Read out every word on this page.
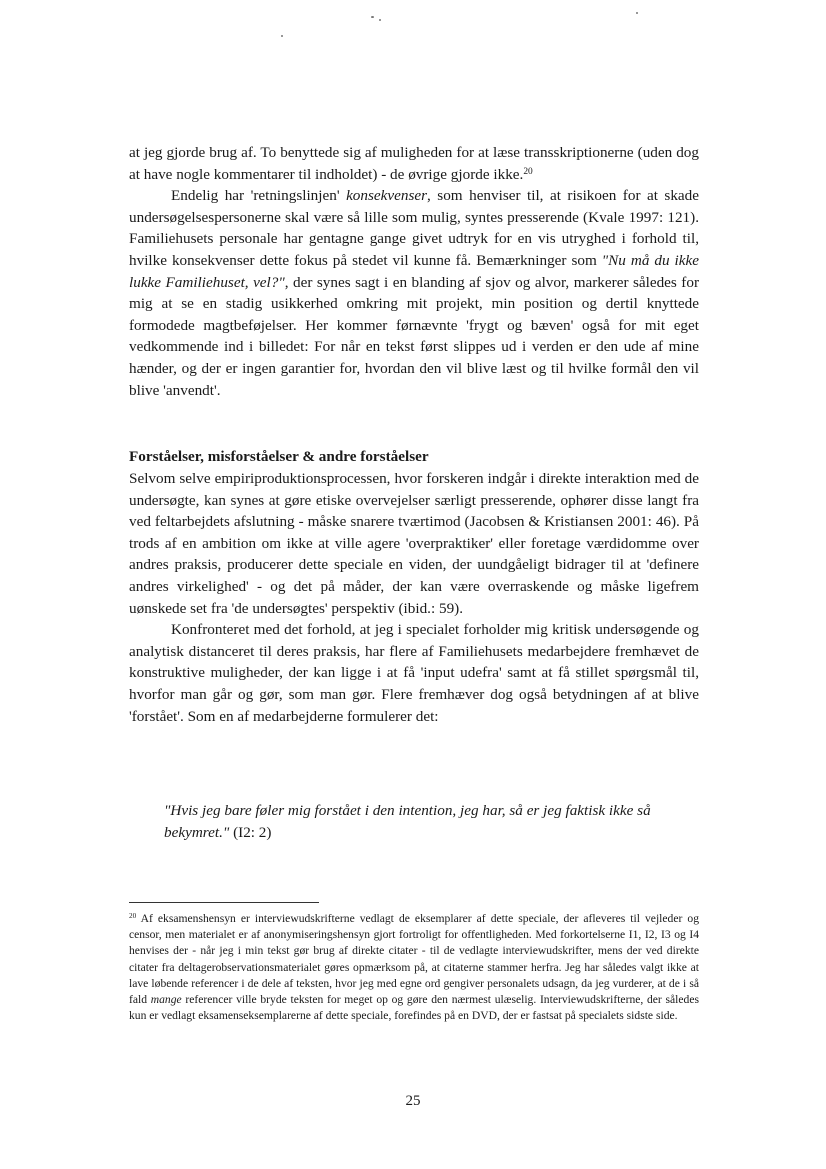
at jeg gjorde brug af. To benyttede sig af muligheden for at læse transskriptionerne (uden dog at have nogle kommentarer til indholdet) - de øvrige gjorde ikke.$^{20}$

Endelig har 'retningslinjen' konsekvenser, som henviser til, at risikoen for at skade undersøgelsespersonerne skal være så lille som mulig, syntes presserende (Kvale 1997: 121). Familiehusets personale har gentagne gange givet udtryk for en vis utryghed i forhold til, hvilke konsekvenser dette fokus på stedet vil kunne få. Bemærkninger som "Nu må du ikke lukke Familiehuset, vel?", der synes sagt i en blanding af sjov og alvor, markerer således for mig at se en stadig usikkerhed omkring mit projekt, min position og dertil knyttede formodede magtbeføjelser. Her kommer førnævnte 'frygt og bæven' også for mit eget vedkommende ind i billedet: For når en tekst først slippes ud i verden er den ude af mine hænder, og der er ingen garantier for, hvordan den vil blive læst og til hvilke formål den vil blive 'anvendt'.

Forståelser, misforståelser & andre forståelser

Selvom selve empiriproduktionsprocessen, hvor forskeren indgår i direkte interaktion med de undersøgte, kan synes at gøre etiske overvejelser særligt presserende, ophører disse langt fra ved feltarbejdets afslutning - måske snarere tværtimod (Jacobsen & Kristiansen 2001: 46). På trods af en ambition om ikke at ville agere 'overpraktiker' eller foretage værdidomme over andres praksis, producerer dette speciale en viden, der uundgåeligt bidrager til at 'definere andres virkelighed' - og det på måder, der kan være overraskende og måske ligefrem uønskede set fra 'de undersøgtes' perspektiv (ibid.: 59).

Konfronteret med det forhold, at jeg i specialet forholder mig kritisk undersøgende og analytisk distanceret til deres praksis, har flere af Familiehusets medarbejdere fremhævet de konstruktive muligheder, der kan ligge i at få 'input udefra' samt at få stillet spørgsmål til, hvorfor man går og gør, som man gør. Flere fremhæver dog også betydningen af at blive 'forstået'. Som en af medarbejderne formulerer det:

"Hvis jeg bare føler mig forstået i den intention, jeg har, så er jeg faktisk ikke så bekymret." (I2: 2)
$^{20}$ Af eksamenshensyn er interviewudskrifterne vedlagt de eksemplarer af dette speciale, der afleveres til vejleder og censor, men materialet er af anonymiseringshensyn gjort fortroligt for offentligheden. Med forkortelserne I1, I2, I3 og I4 henvises der - når jeg i min tekst gør brug af direkte citater - til de vedlagte interviewudskrifter, mens der ved direkte citater fra deltagerobservationsmaterialet gøres opmærksom på, at citaterne stammer herfra. Jeg har således valgt ikke at lave løbende referencer i de dele af teksten, hvor jeg med egne ord gengiver personalets udsagn, da jeg vurderer, at de i så fald mange referencer ville bryde teksten for meget op og gøre den nærmest ulæselig. Interviewudskrifterne, der således kun er vedlagt eksamenseksemplarerne af dette speciale, forefindes på en DVD, der er fastsat på specialets sidste side.
25
